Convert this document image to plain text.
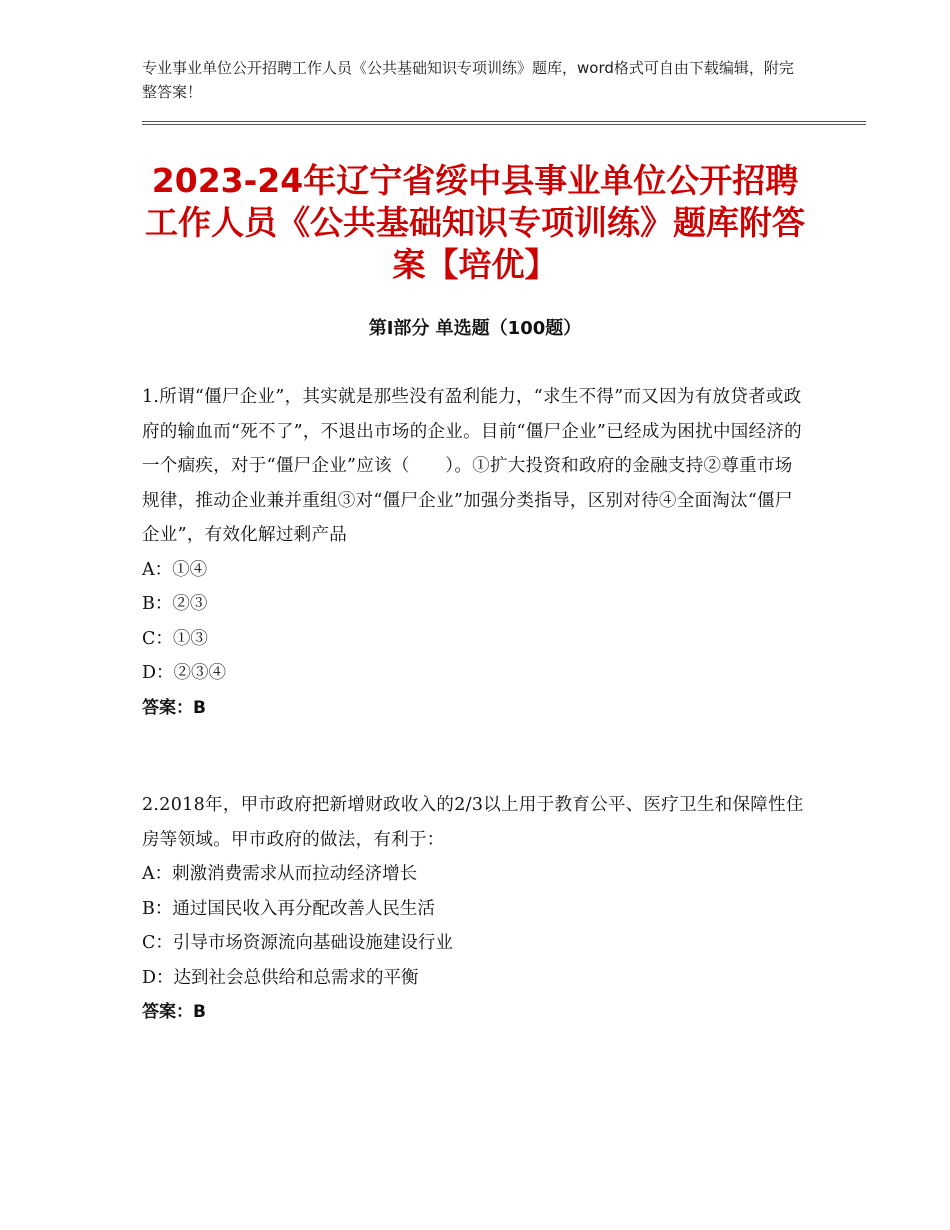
专业事业单位公开招聘工作人员《公共基础知识专项训练》题库，word格式可自由下载编辑，附完整答案！
2023-24年辽宁省绥中县事业单位公开招聘工作人员《公共基础知识专项训练》题库附答案【培优】
第Ⅰ部分 单选题（100题）

1.所谓“僵尸企业”，其实就是那些没有盈利能力，“求生不得”而又因为有放贷者或政府的输血而“死不了”，不退出市场的企业。目前“僵尸企业”已经成为困扰中国经济的一个痼疾，对于“僵尸企业”应该（　　）。①扩大投资和政府的金融支持②尊重市场规律，推动企业兼并重组③对“僵尸企业”加强分类指导，区别对待④全面淘汰“僵尸企业”，有效化解过剩产品

A：①④

B：②③

C：①③

D：②③④

答案：B

2.2018年，甲市政府把新增财政收入的2/3以上用于教育公平、医疗卫生和保障性住房等领域。甲市政府的做法，有利于：

A：刺激消费需求从而拉动经济增长

B：通过国民收入再分配改善人民生活

C：引导市场资源流向基础设施建设行业

D：达到社会总供给和总需求的平衡

答案：B
